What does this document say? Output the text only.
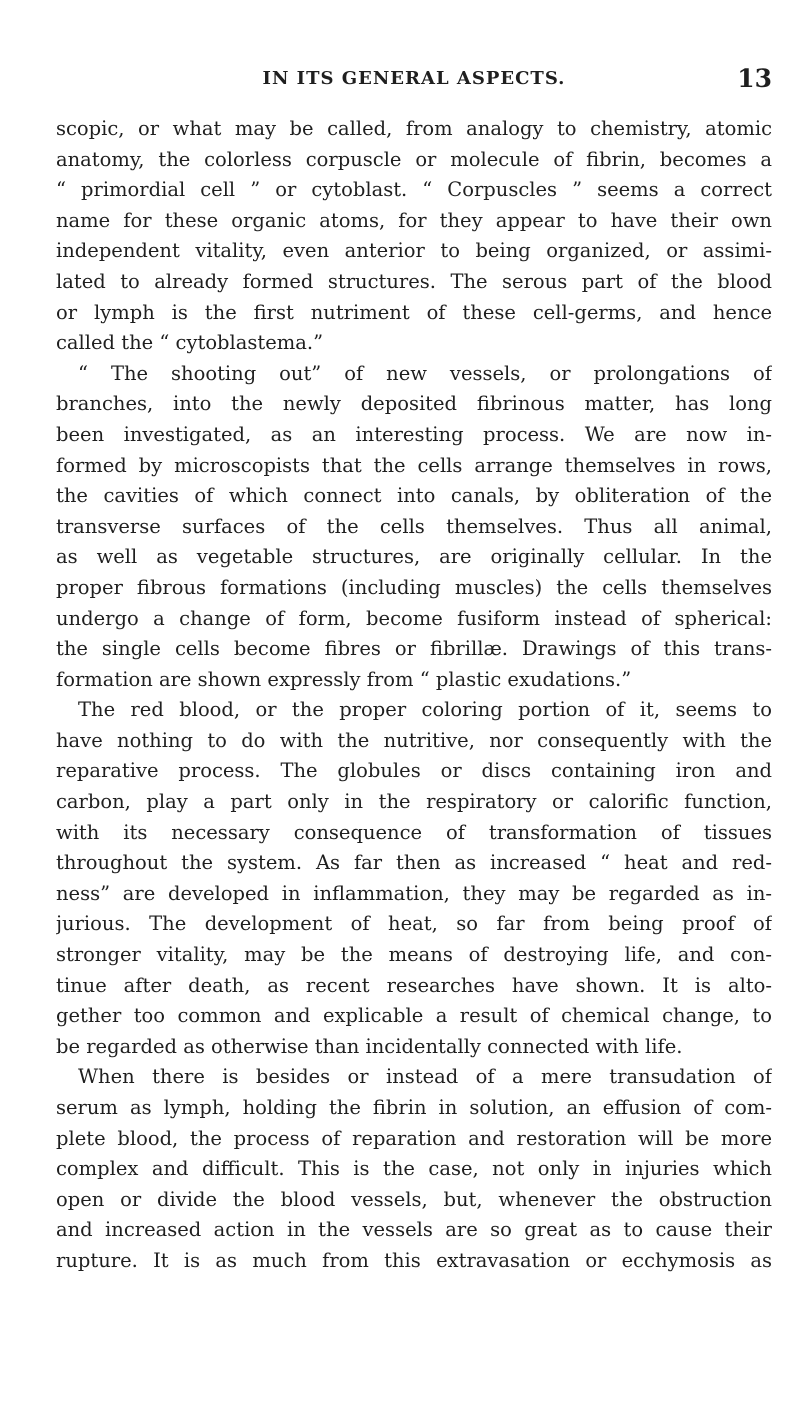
IN ITS GENERAL ASPECTS.	13
scopic, or what may be called, from analogy to chemistry, atomic
anatomy, the colorless corpuscle or molecule of fibrin, becomes a
“ primordial cell ” or cytoblast. “ Corpuscles ” seems a correct
name for these organic atoms, for they appear to have their own
independent vitality, even anterior to being organized, or assimi-
lated to already formed structures. The serous part of the blood
or lymph is the first nutriment of these cell-germs, and hence
called the “ cytoblastema.”
“ The shooting out” of new vessels, or prolongations of
branches, into the newly deposited fibrinous matter, has long
been investigated, as an interesting process. We are now in-
formed by microscopists that the cells arrange themselves in rows,
the cavities of which connect into canals, by obliteration of the
transverse surfaces of the cells themselves. Thus all animal,
as well as vegetable structures, are originally cellular. In the
proper fibrous formations (including muscles) the cells themselves
undergo a change of form, become fusiform instead of spherical:
the single cells become fibres or fibrillæ. Drawings of this trans-
formation are shown expressly from “ plastic exudations.”
The red blood, or the proper coloring portion of it, seems to
have nothing to do with the nutritive, nor consequently with the
reparative process. The globules or discs containing iron and
carbon, play a part only in the respiratory or calorific function,
with its necessary consequence of transformation of tissues
throughout the system. As far then as increased “ heat and red-
ness” are developed in inflammation, they may be regarded as in-
jurious. The development of heat, so far from being proof of
stronger vitality, may be the means of destroying life, and con-
tinue after death, as recent researches have shown. It is alto-
gether too common and explicable a result of chemical change, to
be regarded as otherwise than incidentally connected with life.
When there is besides or instead of a mere transudation of
serum as lymph, holding the fibrin in solution, an effusion of com-
plete blood, the process of reparation and restoration will be more
complex and difficult. This is the case, not only in injuries which
open or divide the blood vessels, but, whenever the obstruction
and increased action in the vessels are so great as to cause their
rupture. It is as much from this extravasation or ecchymosis as
